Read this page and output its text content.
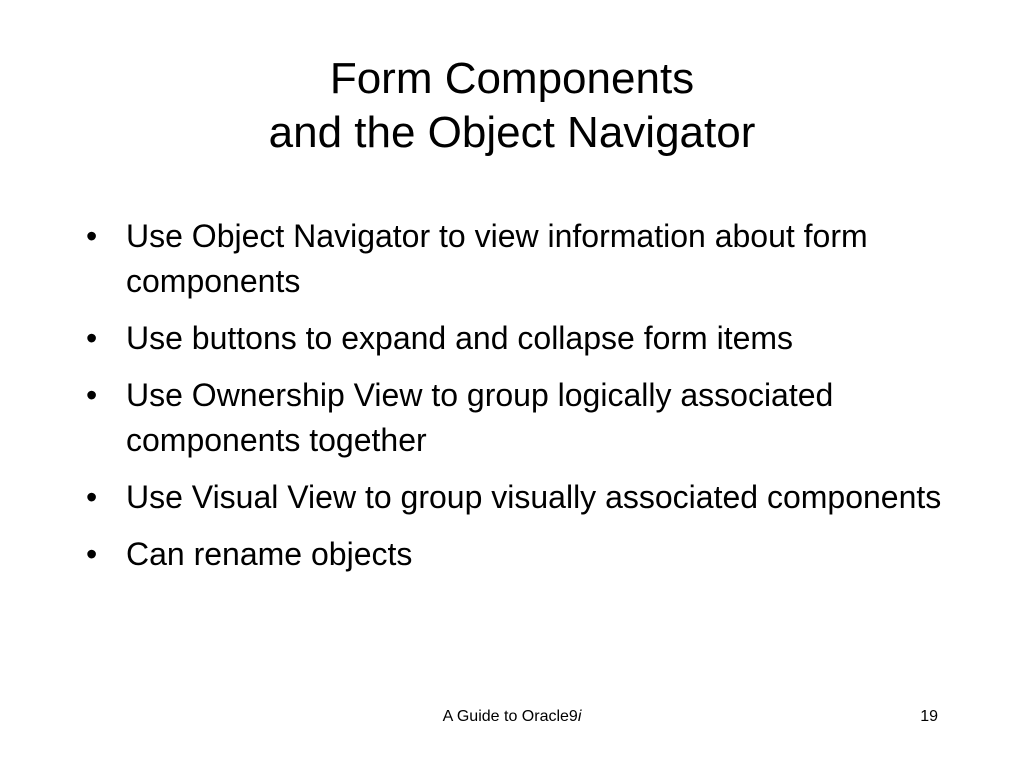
Form Components
and the Object Navigator
• Use Object Navigator to view information about form components
• Use buttons to expand and collapse form items
• Use Ownership View to group logically associated components together
• Use Visual View to group visually associated components
• Can rename objects
A Guide to Oracle9i	19
